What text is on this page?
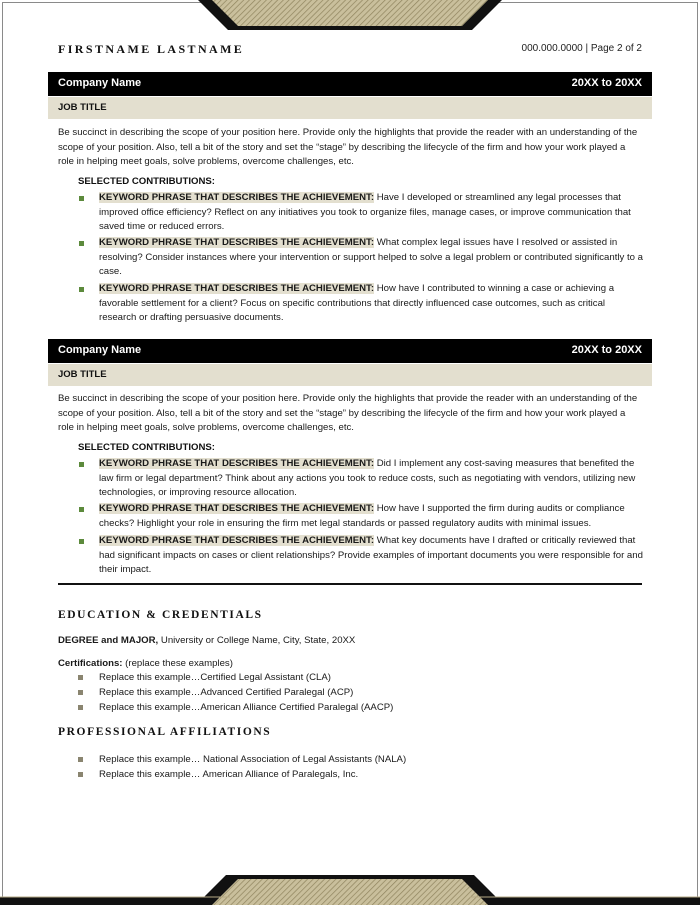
FIRSTNAME LASTNAME	000.000.0000 | Page 2 of 2
Company Name	20XX to 20XX
JOB TITLE
Be succinct in describing the scope of your position here. Provide only the highlights that provide the reader with an understanding of the scope of your position. Also, tell a bit of the story and set the “stage” by describing the lifecycle of the firm and how your work played a role in helping meet goals, solve problems, overcome challenges, etc.
SELECTED CONTRIBUTIONS:
KEYWORD PHRASE THAT DESCRIBES THE ACHIEVEMENT: Have I developed or streamlined any legal processes that improved office efficiency? Reflect on any initiatives you took to organize files, manage cases, or improve communication that saved time or reduced errors.
KEYWORD PHRASE THAT DESCRIBES THE ACHIEVEMENT: What complex legal issues have I resolved or assisted in resolving? Consider instances where your intervention or support helped to solve a legal problem or contributed significantly to a case.
KEYWORD PHRASE THAT DESCRIBES THE ACHIEVEMENT: How have I contributed to winning a case or achieving a favorable settlement for a client? Focus on specific contributions that directly influenced case outcomes, such as critical research or drafting persuasive documents.
Company Name	20XX to 20XX
JOB TITLE
Be succinct in describing the scope of your position here. Provide only the highlights that provide the reader with an understanding of the scope of your position. Also, tell a bit of the story and set the “stage” by describing the lifecycle of the firm and how your work played a role in helping meet goals, solve problems, overcome challenges, etc.
SELECTED CONTRIBUTIONS:
KEYWORD PHRASE THAT DESCRIBES THE ACHIEVEMENT: Did I implement any cost-saving measures that benefited the law firm or legal department? Think about any actions you took to reduce costs, such as negotiating with vendors, utilizing new technologies, or improving resource allocation.
KEYWORD PHRASE THAT DESCRIBES THE ACHIEVEMENT: How have I supported the firm during audits or compliance checks? Highlight your role in ensuring the firm met legal standards or passed regulatory audits with minimal issues.
KEYWORD PHRASE THAT DESCRIBES THE ACHIEVEMENT: What key documents have I drafted or critically reviewed that had significant impacts on cases or client relationships? Provide examples of important documents you were responsible for and their impact.
EDUCATION & CREDENTIALS
DEGREE and MAJOR, University or College Name, City, State, 20XX
Certifications: (replace these examples)
Replace this example…Certified Legal Assistant (CLA)
Replace this example…Advanced Certified Paralegal (ACP)
Replace this example…American Alliance Certified Paralegal (AACP)
PROFESSIONAL AFFILIATIONS
Replace this example… National Association of Legal Assistants (NALA)
Replace this example… American Alliance of Paralegals, Inc.
